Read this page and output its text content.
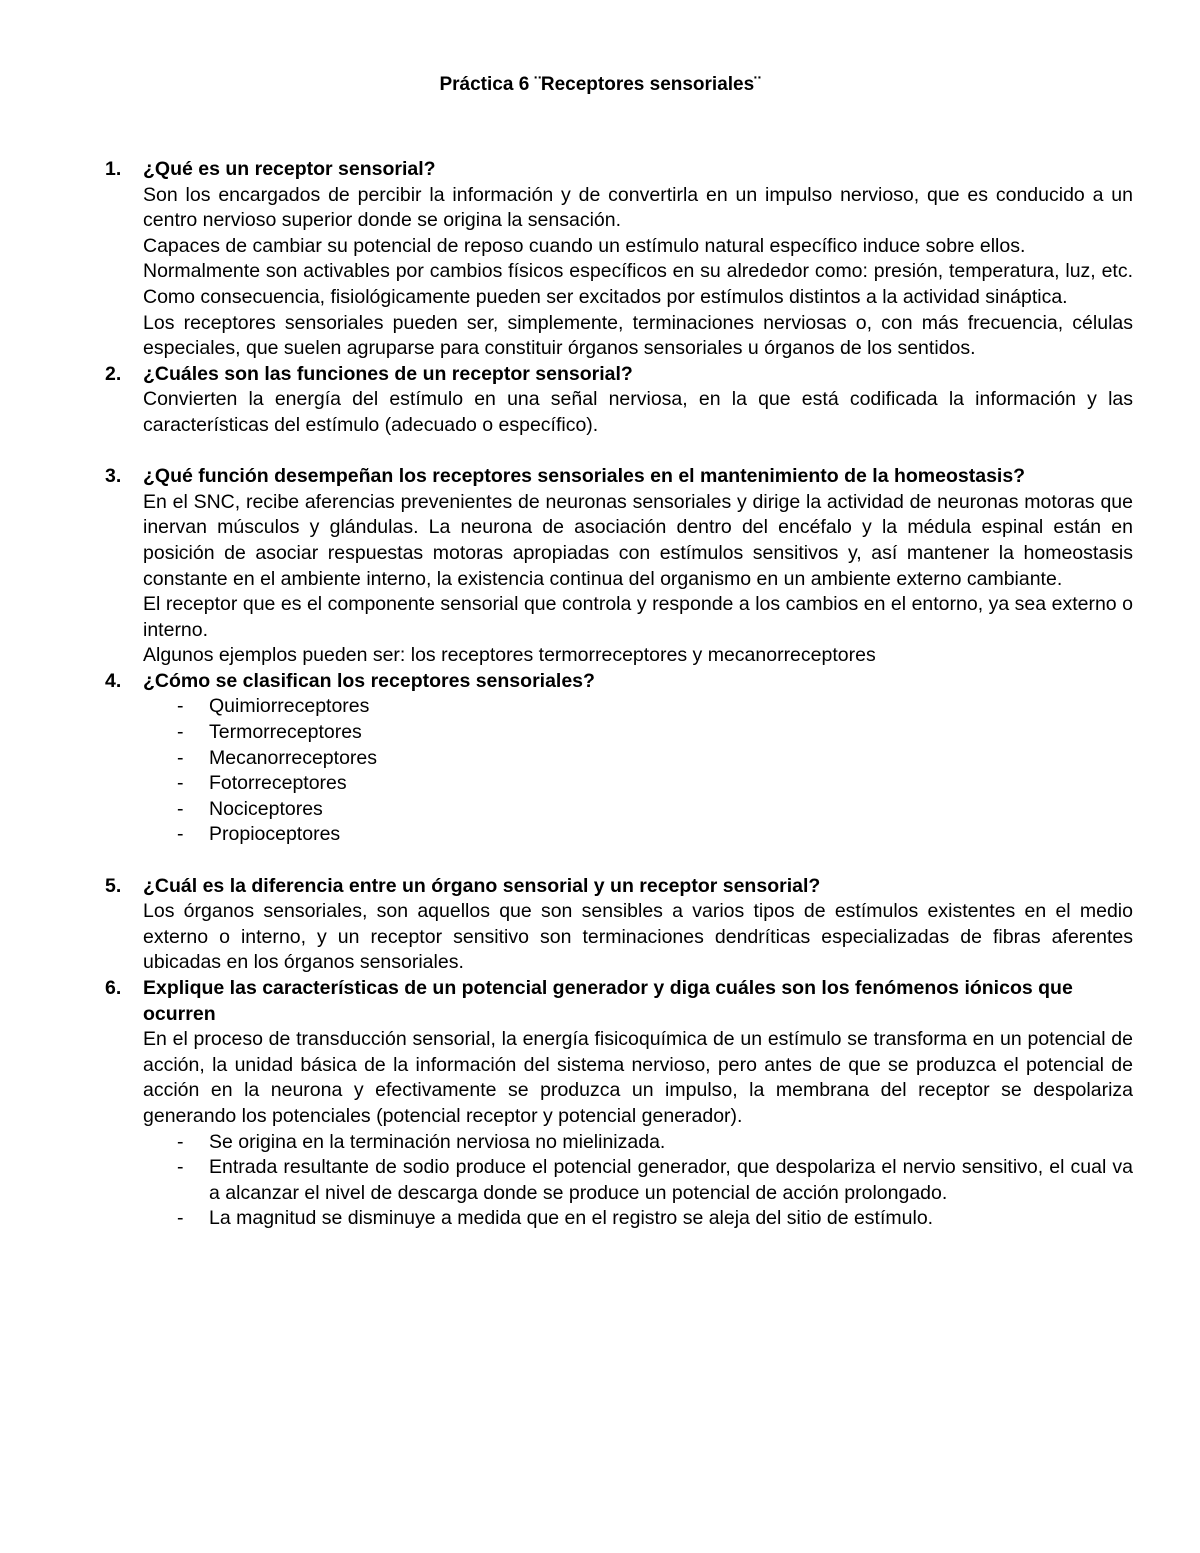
Práctica 6 ¨Receptores sensoriales¨
1. ¿Qué es un receptor sensorial?
Son los encargados de percibir la información y de convertirla en un impulso nervioso, que es conducido a un centro nervioso superior donde se origina la sensación.
Capaces de cambiar su potencial de reposo cuando un estímulo natural específico induce sobre ellos.
Normalmente son activables por cambios físicos específicos en su alrededor como: presión, temperatura, luz, etc. Como consecuencia, fisiológicamente pueden ser excitados por estímulos distintos a la actividad sináptica.
Los receptores sensoriales pueden ser, simplemente, terminaciones nerviosas o, con más frecuencia, células especiales, que suelen agruparse para constituir órganos sensoriales u órganos de los sentidos.
2. ¿Cuáles son las funciones de un receptor sensorial?
Convierten la energía del estímulo en una señal nerviosa, en la que está codificada la información y las características del estímulo (adecuado o específico).
3. ¿Qué función desempeñan los receptores sensoriales en el mantenimiento de la homeostasis?
En el SNC, recibe aferencias prevenientes de neuronas sensoriales y dirige la actividad de neuronas motoras que inervan músculos y glándulas. La neurona de asociación dentro del encéfalo y la médula espinal están en posición de asociar respuestas motoras apropiadas con estímulos sensitivos y, así mantener la homeostasis constante en el ambiente interno, la existencia continua del organismo en un ambiente externo cambiante.
El receptor que es el componente sensorial que controla y responde a los cambios en el entorno, ya sea externo o interno.
Algunos ejemplos pueden ser: los receptores termorreceptores y mecanorreceptores
4. ¿Cómo se clasifican los receptores sensoriales?
- Quimiorreceptores
- Termorreceptores
- Mecanorreceptores
- Fotorreceptores
- Nociceptores
- Propioceptores
5. ¿Cuál es la diferencia entre un órgano sensorial y un receptor sensorial?
Los órganos sensoriales, son aquellos que son sensibles a varios tipos de estímulos existentes en el medio externo o interno, y un receptor sensitivo son terminaciones dendríticas especializadas de fibras aferentes ubicadas en los órganos sensoriales.
6. Explique las características de un potencial generador y diga cuáles son los fenómenos iónicos que ocurren
En el proceso de transducción sensorial, la energía fisicoquímica de un estímulo se transforma en un potencial de acción, la unidad básica de la información del sistema nervioso, pero antes de que se produzca el potencial de acción en la neurona y efectivamente se produzca un impulso, la membrana del receptor se despolariza generando los potenciales (potencial receptor y potencial generador).
- Se origina en la terminación nerviosa no mielinizada.
- Entrada resultante de sodio produce el potencial generador, que despolariza el nervio sensitivo, el cual va a alcanzar el nivel de descarga donde se produce un potencial de acción prolongado.
- La magnitud se disminuye a medida que en el registro se aleja del sitio de estímulo.
